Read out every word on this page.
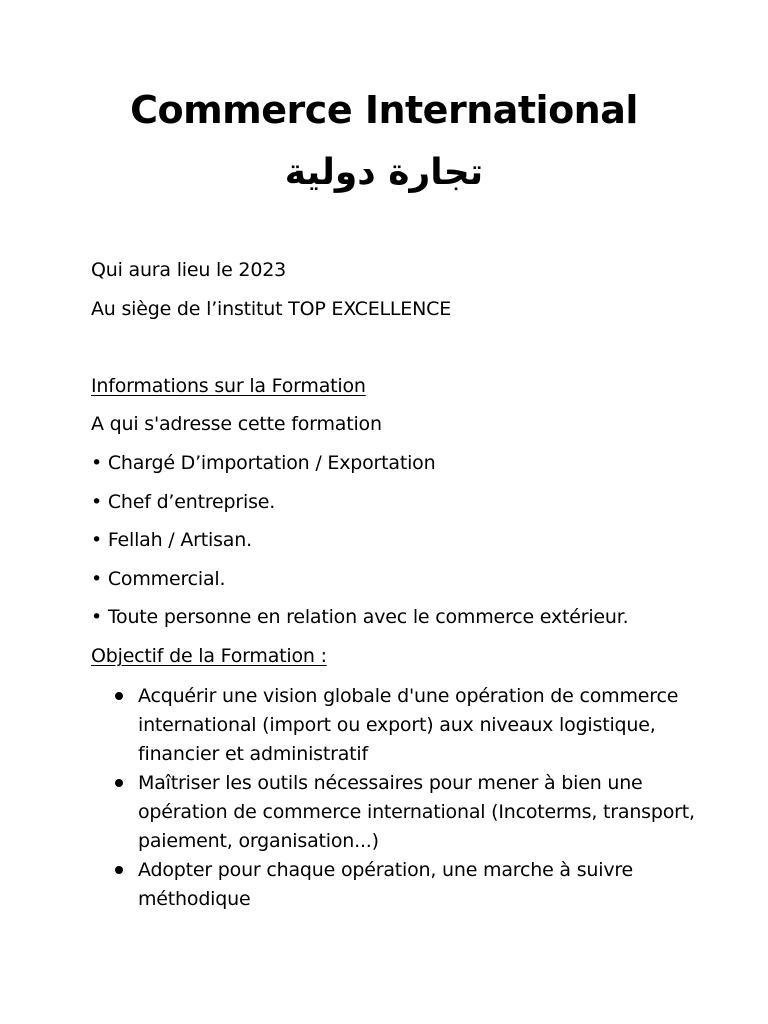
Commerce International
تجارة دولية

Qui aura lieu le 2023

Au siège de l’institut TOP EXCELLENCE

Informations sur la Formation

A qui s'adresse cette formation

• Chargé D’importation / Exportation

• Chef d’entreprise.

• Fellah / Artisan.

• Commercial.

• Toute personne en relation avec le commerce extérieur.

Objectif de la Formation :

Acquérir une vision globale d'une opération de commerce international (import ou export) aux niveaux logistique, financier et administratif
Maîtriser les outils nécessaires pour mener à bien une opération de commerce international (Incoterms, transport, paiement, organisation...)
Adopter pour chaque opération, une marche à suivre méthodique
